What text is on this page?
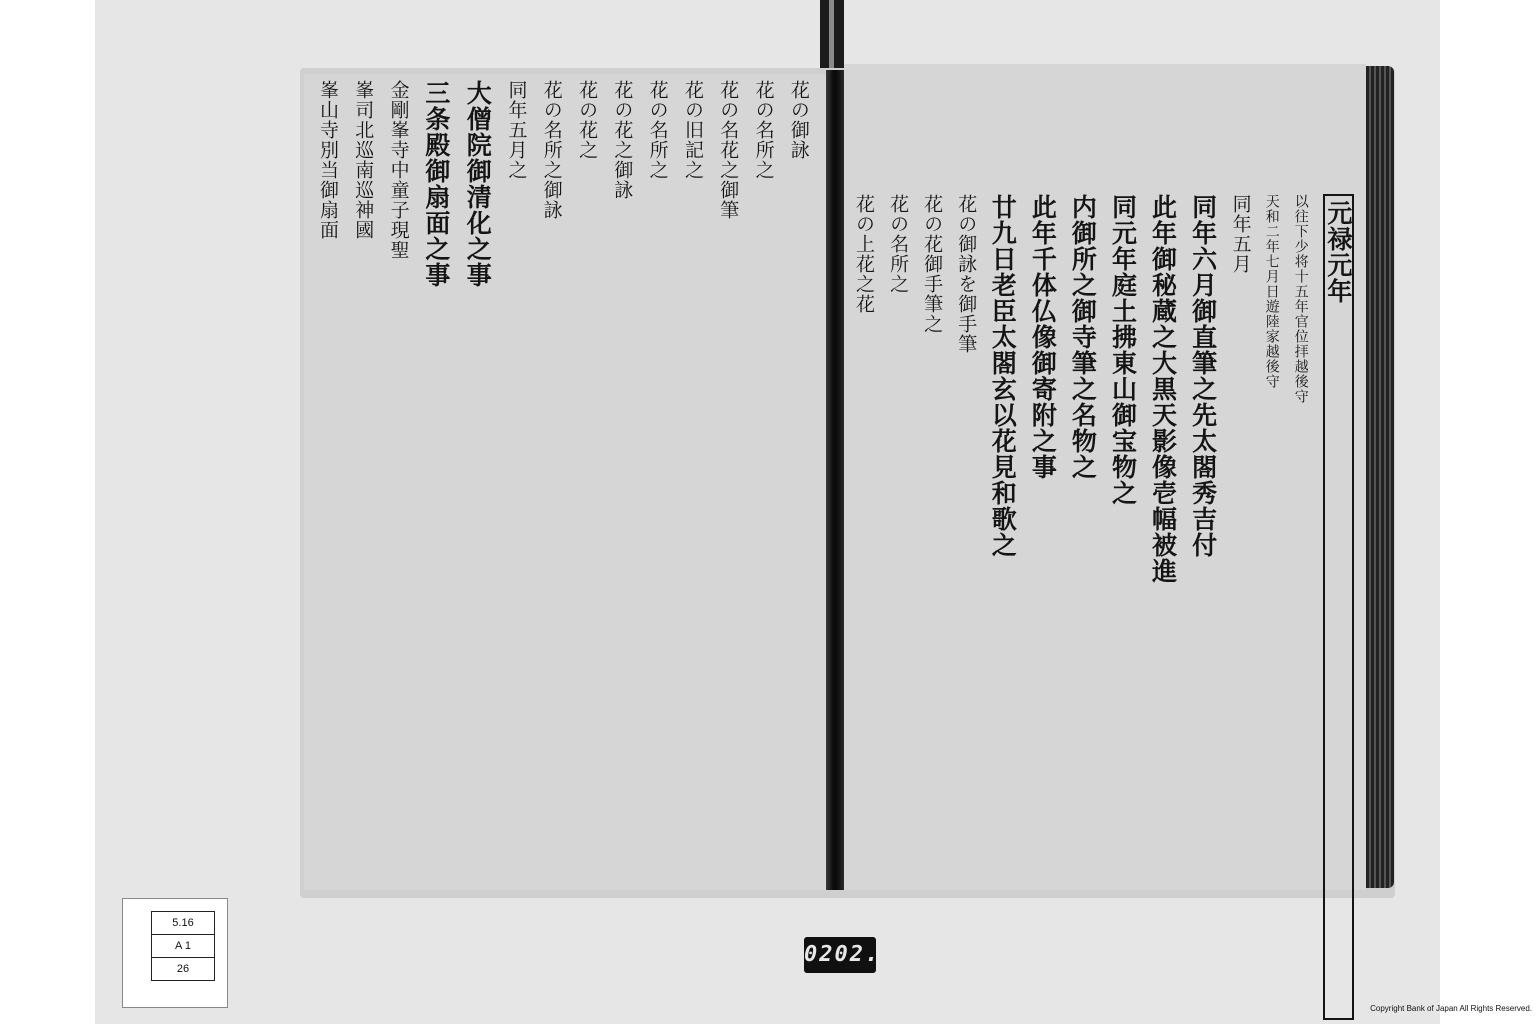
花の御詠
花の名所之
花の名花之御筆
花の旧記之
花の名所之
花の花之御詠
花の花之
花の名所之御詠
同年五月之
大僧院御清化之事
三条殿御扇面之事
金剛峯寺中童子現聖
峯司北巡南巡神國
峯山寺別当御扇面
元禄元年
以往下少将十五年官位拝越後守
天和二年七月日遊陸家越後守
同年五月
同年六月御直筆之先太閤秀吉付
此年御秘蔵之大黒天影像壱幅被進
同元年庭土拂東山御宝物之
内御所之御寺筆之名物之
此年千体仏像御寄附之事
廿九日老臣太閤玄以花見和歌之
花の御詠を御手筆
花の花御手筆之
花の名所之
花の上花之花
5.16
A 1
26
0202.
Copyright Bank of Japan All Rights Reserved.
